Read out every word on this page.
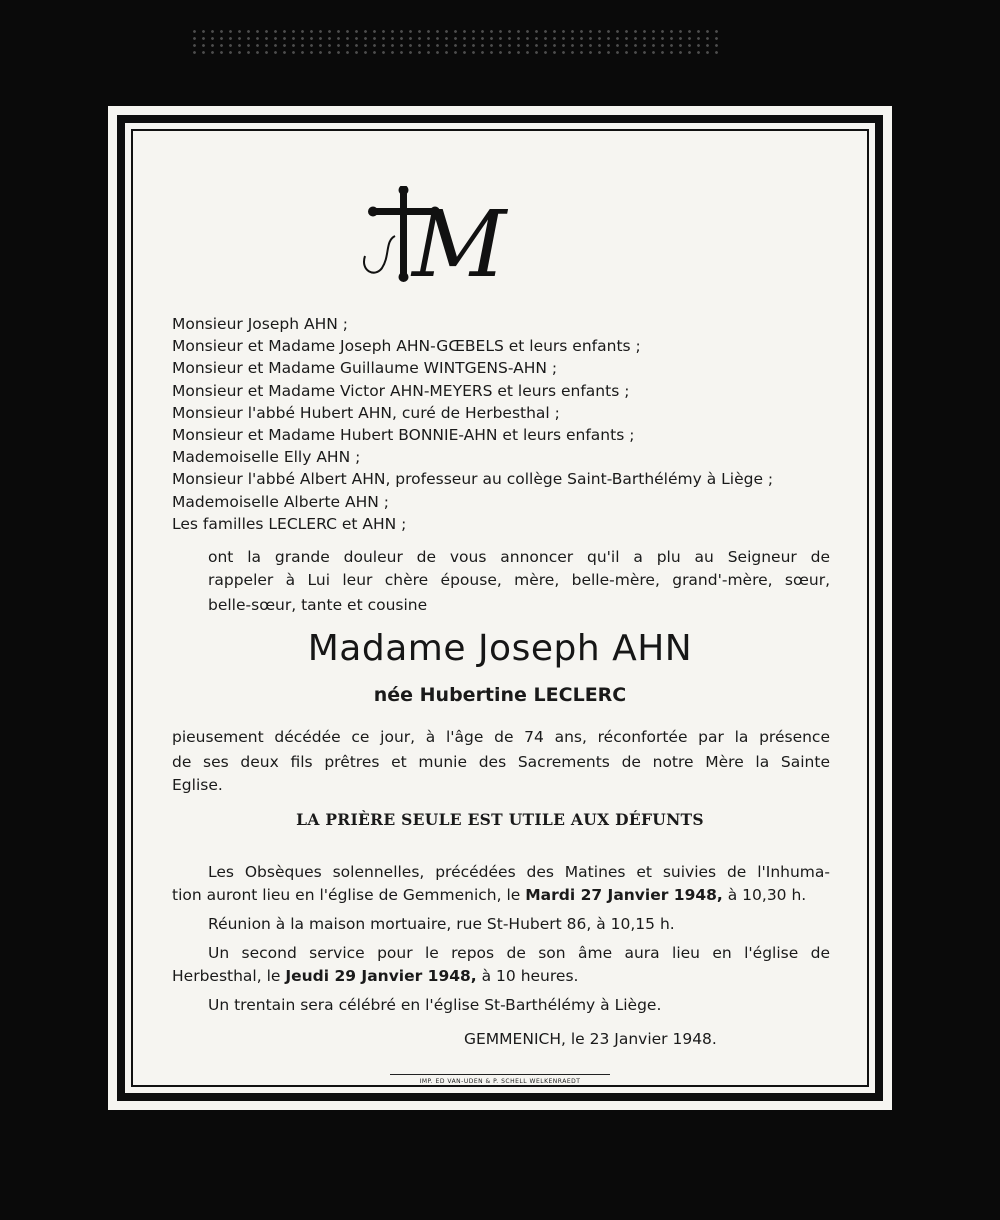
M
Monsieur Joseph AHN ;
Monsieur et Madame Joseph AHN-GŒBELS et leurs enfants ;
Monsieur et Madame Guillaume WINTGENS-AHN ;
Monsieur et Madame Victor AHN-MEYERS et leurs enfants ;
Monsieur l'abbé Hubert AHN, curé de Herbesthal ;
Monsieur et Madame Hubert BONNIE-AHN et leurs enfants ;
Mademoiselle Elly AHN ;
Monsieur l'abbé Albert AHN, professeur au collège Saint-Barthélémy à Liège ;
Mademoiselle Alberte AHN ;
Les familles LECLERC et AHN ;

ont la grande douleur de vous annoncer qu'il a plu au Seigneur de

rappeler à Lui leur chère épouse, mère, belle-mère, grand'-mère, sœur,

belle-sœur, tante et cousine

Madame Joseph AHN
née Hubertine LECLERC

pieusement décédée ce jour, à l'âge de 74 ans, réconfortée par la présence

de ses deux fils prêtres et munie des Sacrements de notre Mère la Sainte

Eglise.

LA PRIÈRE SEULE EST UTILE AUX DÉFUNTS

Les Obsèques solennelles, précédées des Matines et suivies de l'Inhuma-

tion auront lieu en l'église de Gemmenich, le Mardi 27 Janvier 1948, à 10,30 h.

Réunion à la maison mortuaire, rue St-Hubert 86, à 10,15 h.

Un second service pour le repos de son âme aura lieu en l'église de

Herbesthal, le Jeudi 29 Janvier 1948, à 10 heures.

Un trentain sera célébré en l'église St-Barthélémy à Liège.

GEMMENICH, le 23 Janvier 1948.

IMP. ED VAN-UDEN & P. SCHELL WELKENRAEDT
